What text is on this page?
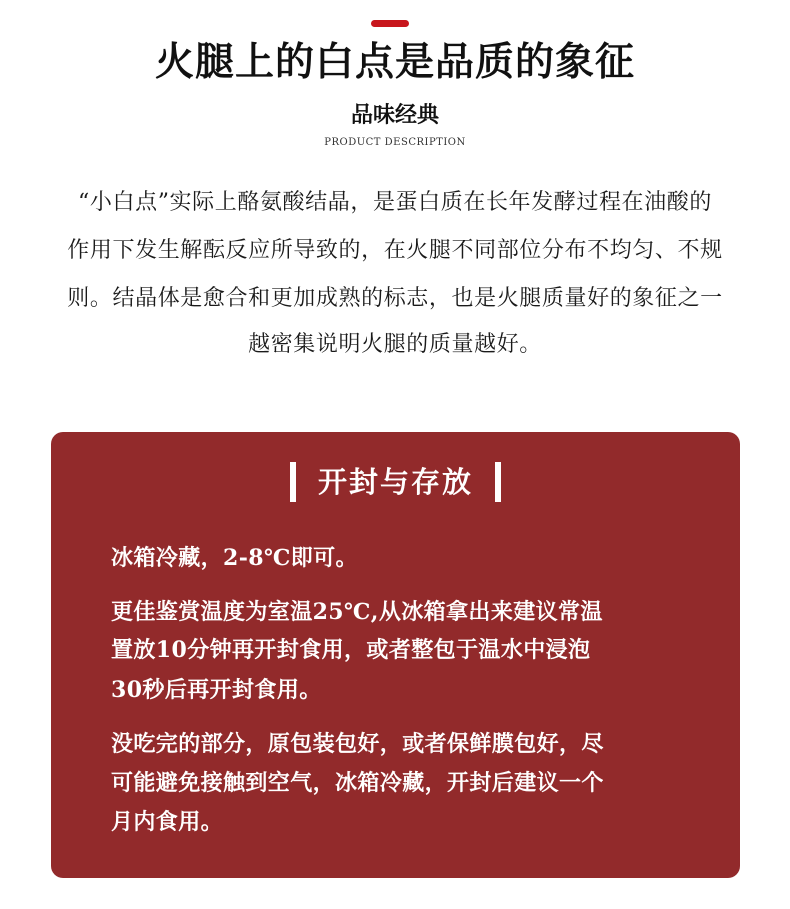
火腿上的白点是品质的象征
品味经典
PRODUCT DESCRIPTION
“小白点”实际上酪氨酸结晶，是蛋白质在长年发酵过程在油酸的
作用下发生解酝反应所导致的，在火腿不同部位分布不均匀、不规
则。结晶体是愈合和更加成熟的标志，也是火腿质量好的象征之一
越密集说明火腿的质量越好。
开封与存放
冰箱冷藏，2-8℃即可。
更佳鉴赏温度为室温25℃,从冰箱拿出来建议常温
置放10分钟再开封食用，或者整包于温水中浸泡
30秒后再开封食用。
没吃完的部分，原包装包好，或者保鲜膜包好，尽
可能避免接触到空气，冰箱冷藏，开封后建议一个
月内食用。
